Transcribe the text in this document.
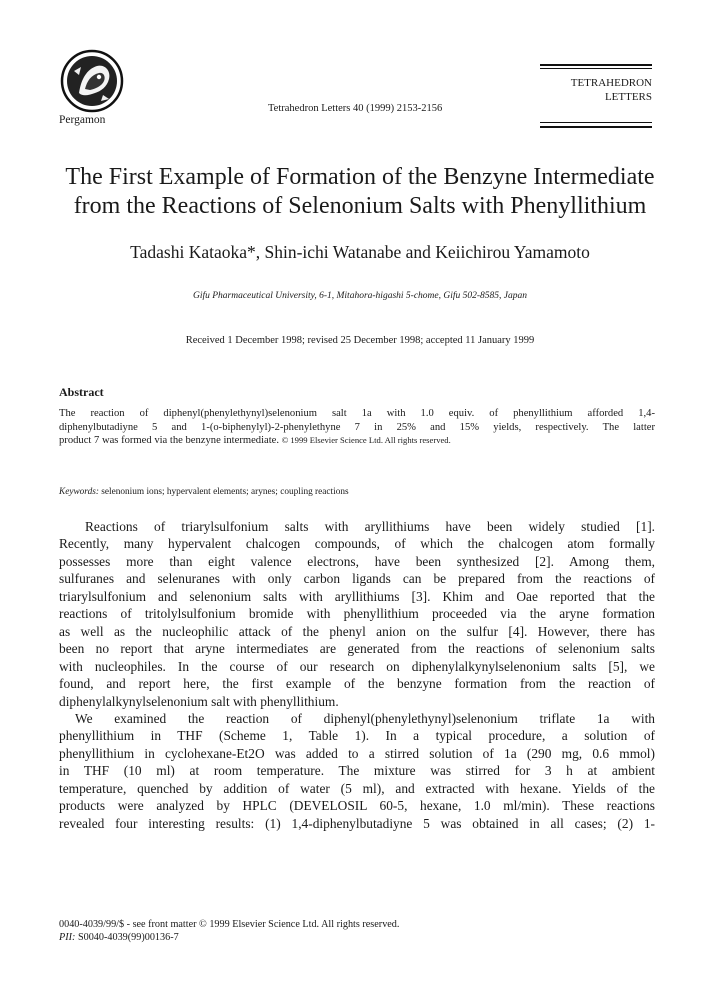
Pergamon
Tetrahedron Letters 40 (1999) 2153-2156
TETRAHEDRON
LETTERS
The First Example of Formation of the Benzyne Intermediate
from the Reactions of Selenonium Salts with Phenyllithium
Tadashi Kataoka*, Shin-ichi Watanabe and Keiichirou Yamamoto
Gifu Pharmaceutical University, 6-1, Mitahora-higashi 5-chome, Gifu 502-8585, Japan
Received 1 December 1998; revised 25 December 1998; accepted 11 January 1999
Abstract
The reaction of diphenyl(phenylethynyl)selenonium salt 1a with 1.0 equiv. of phenyllithium afforded 1,4-
diphenylbutadiyne 5 and 1-(o-biphenylyl)-2-phenylethyne 7 in 25% and 15% yields, respectively. The latter
product 7 was formed via the benzyne intermediate. © 1999 Elsevier Science Ltd. All rights reserved.
Keywords: selenonium ions; hypervalent elements; arynes; coupling reactions
Reactions of triarylsulfonium salts with aryllithiums have been widely studied [1].
Recently, many hypervalent chalcogen compounds, of which the chalcogen atom formally
possesses more than eight valence electrons, have been synthesized [2]. Among them,
sulfuranes and selenuranes with only carbon ligands can be prepared from the reactions of
triarylsulfonium and selenonium salts with aryllithiums [3]. Khim and Oae reported that the
reactions of tritolylsulfonium bromide with phenyllithium proceeded via the aryne formation
as well as the nucleophilic attack of the phenyl anion on the sulfur [4]. However, there has
been no report that aryne intermediates are generated from the reactions of selenonium salts
with nucleophiles. In the course of our research on diphenylalkynylselenonium salts [5], we
found, and report here, the first example of the benzyne formation from the reaction of
diphenylalkynylselenonium salt with phenyllithium.
We examined the reaction of diphenyl(phenylethynyl)selenonium triflate 1a with
phenyllithium in THF (Scheme 1, Table 1). In a typical procedure, a solution of
phenyllithium in cyclohexane-Et2O was added to a stirred solution of 1a (290 mg, 0.6 mmol)
in THF (10 ml) at room temperature. The mixture was stirred for 3 h at ambient
temperature, quenched by addition of water (5 ml), and extracted with hexane. Yields of the
products were analyzed by HPLC (DEVELOSIL 60-5, hexane, 1.0 ml/min). These reactions
revealed four interesting results: (1) 1,4-diphenylbutadiyne 5 was obtained in all cases; (2) 1-
0040-4039/99/$ - see front matter © 1999 Elsevier Science Ltd. All rights reserved.
PII: S0040-4039(99)00136-7
